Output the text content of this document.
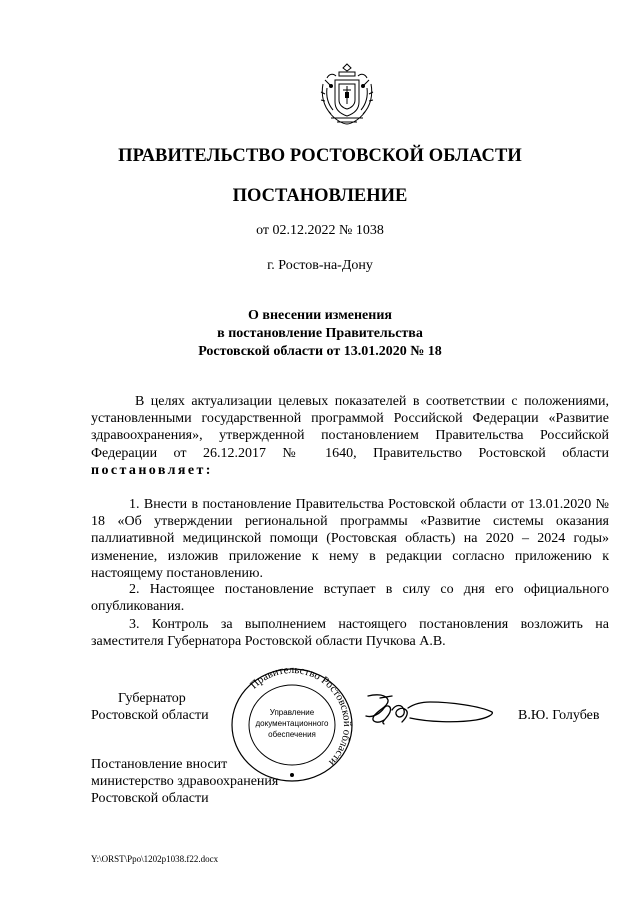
ПРАВИТЕЛЬСТВО РОСТОВСКОЙ ОБЛАСТИ
ПОСТАНОВЛЕНИЕ
от 02.12.2022 № 1038
г. Ростов-на-Дону
О внесении изменения
в постановление Правительства
Ростовской области от 13.01.2020 № 18
В целях актуализации целевых показателей в соответствии с положениями, установленными государственной программой Российской Федерации «Развитие здравоохранения», утвержденной постановлением Правительства Российской Федерации от 26.12.2017 № 1640, Правительство Ростовской области постановляет:
1. Внести в постановление Правительства Ростовской области от 13.01.2020 № 18 «Об утверждении региональной программы «Развитие системы оказания паллиативной медицинской помощи (Ростовская область) на 2020 – 2024 годы» изменение, изложив приложение к нему в редакции согласно приложению к настоящему постановлению.
2. Настоящее постановление вступает в силу со дня его официального опубликования.
3. Контроль за выполнением настоящего постановления возложить на заместителя Губернатора Ростовской области Пучкова А.В.
Губернатор
Ростовской области
Правительство Ростовской области
Управление
документационного
обеспечения
В.Ю. Голубев
Постановление вносит
министерство здравоохранения
Ростовской области
Y:\ORST\Ppo\1202p1038.f22.docx
